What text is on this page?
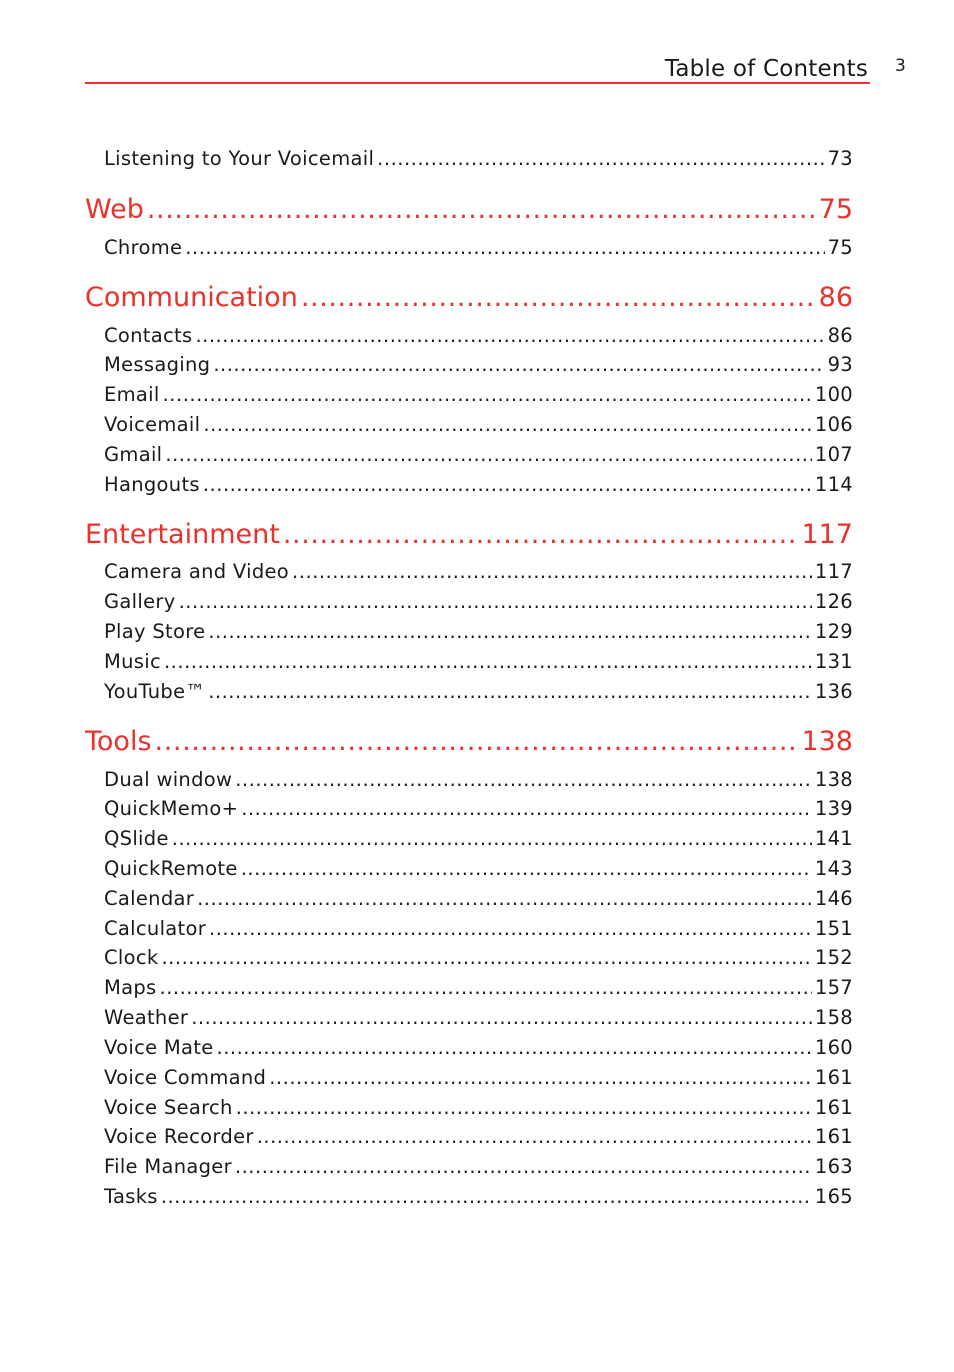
Table of Contents 3
Listening to Your Voicemail .....	73
Web .....	75
Chrome .....	75
Communication .....	86
Contacts .....	86
Messaging .....	93
Email .....	100
Voicemail .....	106
Gmail .....	107
Hangouts .....	114
Entertainment .....	117
Camera and Video .....	117
Gallery .....	126
Play Store .....	129
Music .....	131
YouTube™ .....	136
Tools .....	138
Dual window .....	138
QuickMemo+ .....	139
QSlide .....	141
QuickRemote .....	143
Calendar .....	146
Calculator .....	151
Clock .....	152
Maps .....	157
Weather .....	158
Voice Mate .....	160
Voice Command .....	161
Voice Search .....	161
Voice Recorder .....	161
File Manager .....	163
Tasks .....	165
